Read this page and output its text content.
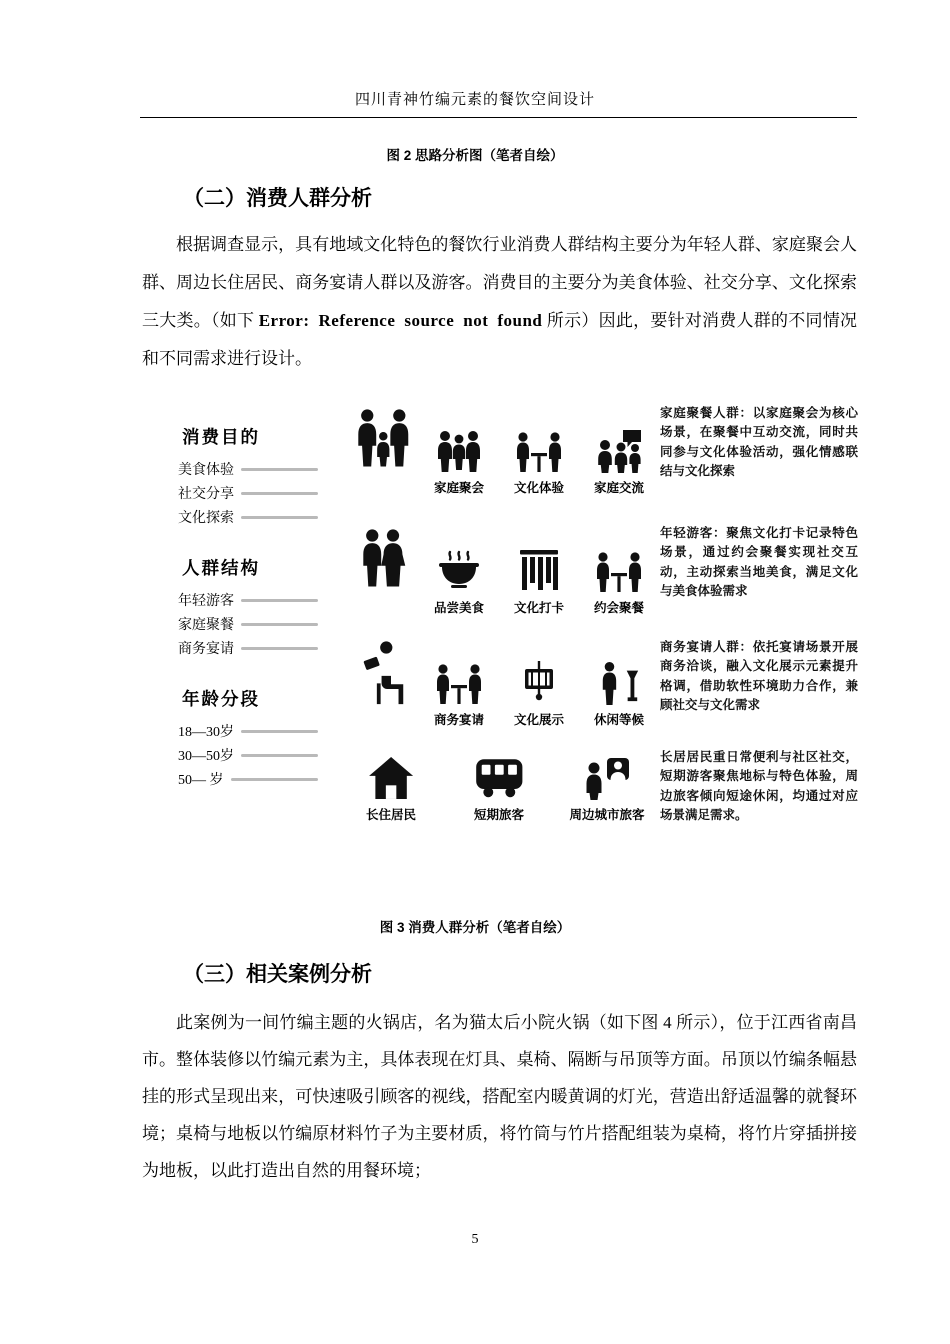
四川青神竹编元素的餐饮空间设计
图 2 思路分析图（笔者自绘）
（二）消费人群分析

根据调查显示，具有地域文化特色的餐饮行业消费人群结构主要分为年轻人群、家庭聚会人群、周边长住居民、商务宴请人群以及游客。消费目的主要分为美食体验、社交分享、文化探索三大类。（如下 Error: Reference source not found 所示）因此，要针对消费人群的不同情况和不同需求进行设计。

消费目的
美食体验
社交分享
文化探索
人群结构
年轻游客
家庭聚餐
商务宴请
年龄分段
18—30岁
30—50岁
50— 岁
家庭聚会 文化体验 家庭交流
品尝美食 文化打卡 约会聚餐
商务宴请 文化展示 休闲等候
长住居民	短期旅客	周边城市旅客
家庭聚餐人群：以家庭聚会为核心场景，在聚餐中互动交流，同时共同参与文化体验活动，强化情感联结与文化探索
年轻游客：聚焦文化打卡记录特色场景，通过约会聚餐实现社交互动，主动探索当地美食，满足文化与美食体验需求
商务宴请人群：依托宴请场景开展商务洽谈，融入文化展示元素提升格调，借助软性环境助力合作，兼顾社交与文化需求
长居居民重日常便利与社区社交，短期游客聚焦地标与特色体验，周边旅客倾向短途休闲，均通过对应场景满足需求。
图 3 消费人群分析（笔者自绘）
（三）相关案例分析

此案例为一间竹编主题的火锅店，名为猫太后小院火锅（如下图 4 所示），位于江西省南昌市。整体装修以竹编元素为主，具体表现在灯具、桌椅、隔断与吊顶等方面。吊顶以竹编条幅悬挂的形式呈现出来，可快速吸引顾客的视线，搭配室内暖黄调的灯光，营造出舒适温馨的就餐环境；桌椅与地板以竹编原材料竹子为主要材质，将竹筒与竹片搭配组装为桌椅，将竹片穿插拼接为地板，以此打造出自然的用餐环境；

5
